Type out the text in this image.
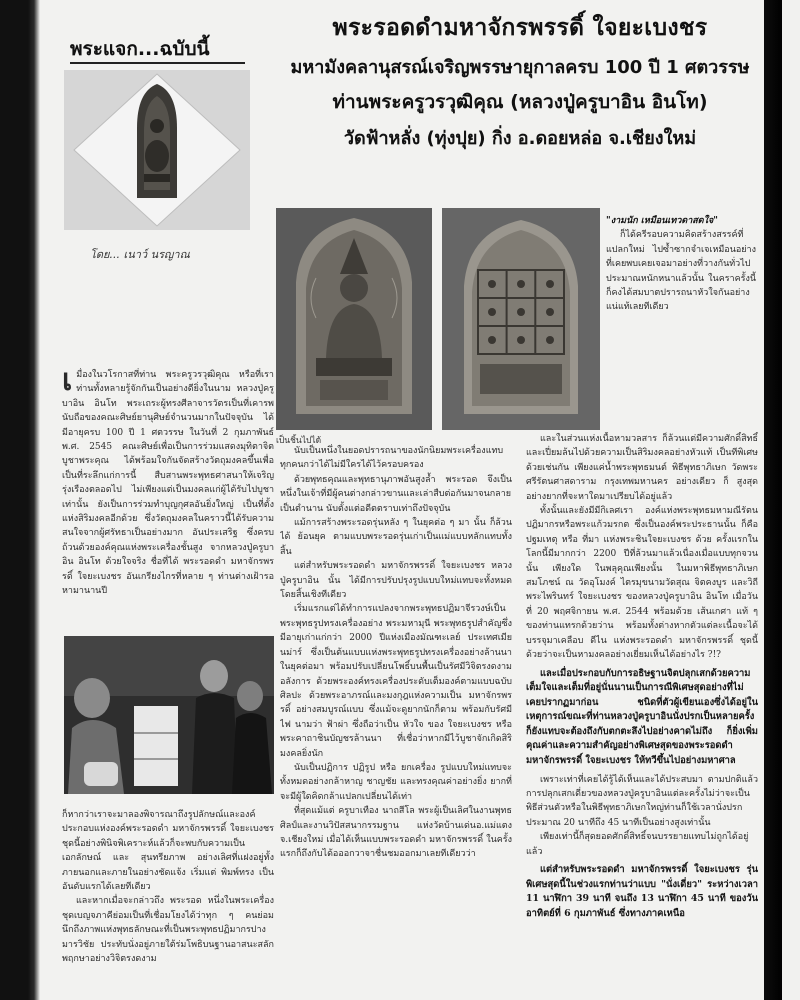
พระรอดดำมหาจักรพรรดิ์ ใจยะเบงชร
มหามังคลานุสรณ์เจริญพรรษายุกาลครบ 100 ปี 1 ศตวรรษ
ท่านพระครูวรวุฒิคุณ (หลวงปู่ครูบาอิน อินโท)
วัดฟ้าหลั่ง (ทุ่งปุย) กิ่ง อ.ดอยหล่อ จ.เชียงใหม่
พระแจก...ฉบับนี้
โดย... เนาว์ นรญาณ
เ มื่องในวโรกาสที่ท่าน พระครูวรวุฒิคุณ หรือที่เราท่านทั้งหลายรู้จักกันเป็นอย่างดียิ่งในนาม หลวงปู่ครูบาอิน อินโท พระเถระผู้ทรงศีลาจารวัตรเป็นที่เคารพนับถือของคณะศิษย์ยานุศิษย์จำนวนมากในปัจจุบัน ได้มีอายุครบ 100 ปี 1 ศตวรรษ ในวันที่ 2 กุมภาพันธ์ พ.ศ. 2545 คณะศิษย์เพื่อเป็นการร่วมแสดงมุทิตาจิตบูชาพระคุณ ได้พร้อมใจกันจัดสร้างวัตถุมงคลขึ้นเพื่อเป็นที่ระลึกแก่การนี้ สืบสานพระพุทธศาสนาให้เจริญรุ่งเรืองตลอดไป ไม่เพียงแต่เป็นมงคลแก่ผู้ได้รับไปบูชาเท่านั้น ยังเป็นการร่วมทำบุญกุศลอันยิ่งใหญ่ เป็นที่ตั้งแห่งสิริมงคลอีกด้วย ซึ่งวัตถุมงคลในคราวนี้ได้รับความสนใจจากผู้ศรัทธาเป็นอย่างมาก อันประเสริฐ ซึ่งครบถ้วนด้วยองค์คุณแห่งพระเครื่องชั้นสูง จากหลวงปู่ครูบาอิน อินโท ด้วยใจจริง ชื่อที่ได้ พระรอดดำ มหาจักรพรรดิ์ ใจยะเบงชร อันเกรียงไกรที่หลาย ๆ ท่านต่างเฝ้ารอหามานานปี
ก็หากว่าเราจะมาลองพิจารณาถึงรูปลักษณ์และองค์ประกอบแห่งองค์พระรอดดำ มหาจักรพรรดิ์ ใจยะเบงชร ชุดนี้อย่างพินิจพิเคราะห์แล้วก็จะพบกับความเป็น เอกลักษณ์ และ สุนทรียภาพ อย่างเลิศที่แฝงอยู่ทั้งภายนอกและภายในอย่างชัดแจ้ง เริ่มแต่ พิมพ์ทรง เป็นอันดับแรกได้เลยทีเดียว
และหากเมื่อจะกล่าวถึง พระรอด หนึ่งในพระเครื่องชุดเบญจภาคีย่อมเป็นที่เชื่อมโยงได้ว่าทุก ๆ คนย่อมนึกถึงภาพแห่งพุทธลักษณะที่เป็นพระพุทธปฏิมากรปางมารวิชัย ประทับนั่งอยู่ภายใต้ร่มโพธิบนฐานอาสนะสลักพฤกษาอย่างวิจิตรงดงาม
เป็นชิ้นไปได้
"งามนัก เหมือนเทวดาสดใจ"
ก็ได้ครีรอบความคิดสร้างสรรค์ที่แปลกใหม่ ไปซ้ำซากจำเจเหมือนอย่างที่เคยพบเคยเจอมาอย่างที่วางกันทั่วไป ประมาณหนักหนาแล้วนั้น ในคราครั้งนี้ก็คงได้สมบาตปรารถนาหัวใจกันอย่างแน่แท้เลยทีเดียว
นับเป็นหนึ่งในยอดปรารถนาของนักนิยมพระเครื่องแทบทุกคนกว่าได้ไม่มีใครได้ไว้ครอบครอง
ด้วยพุทธคุณและพุทธานุภาพอันสูงล้ำ พระรอด จึงเป็นหนึ่งในเจ้าที่มีผู้คนต่างกล่าวขานและเล่าสืบต่อกันมาจนกลายเป็นตำนาน นับตั้งแต่อดีตตราบเท่าถึงปัจจุบัน
แม้การสร้างพระรอดรุ่นหลัง ๆ ในยุคต่อ ๆ มา นั้น ก็ล้วนได้ ย้อนยุค ตามแบบพระรอดรุ่นเก่าเป็นแม่แบบหลักแทบทั้งสิ้น
แต่สำหรับพระรอดดำ มหาจักรพรรดิ์ ใจยะเบงชร หลวงปู่ครูบาอิน นั้น ได้มีการปรับปรุงรูปแบบใหม่แทบจะทั้งหมดโดยสิ้นเชิงทีเดียว
เริ่มแรกแต่ได้ทำการแปลงจากพระพุทธปฏิมาจีรวงษ์เป็นพระพุทธรูปทรงเครื่องอย่าง พระมหามุนี พระพุทธรูปสำคัญซึ่งมีอายุเก่าแก่กว่า 2000 ปีแห่งเมืองมัณฑะเลย์ ประเทศเมียนม่าร์ ซึ่งเป็นต้นแบบแห่งพระพุทธรูปทรงเครื่องอย่างล้านนาในยุคต่อมา พร้อมปรับเปลี่ยนโพธิ์บนพื้นเป็นรัศมีวิจิตรงดงามอลังการ ด้วยพระองค์ทรงเครื่องประดับเต็มองค์ตามแบบฉบับศิลปะ ด้วยพระอาภรณ์และมงกุฎแห่งความเป็น มหาจักรพรรดิ์ อย่างสมบูรณ์แบบ ซึ่งแม้จะดูยากนักก็ตาม พร้อมกับรัศมีไฟ นามว่า ฟ้าผ่า ซึ่งถือว่าเป็น หัวใจ ของ ใจยะเบงชร หรือพระคาถาชินบัญชรล้านนา ที่เชื่อว่าหากมีไว้บูชาจักเกิดสิริมงคลยิ่งนัก
นับเป็นปฏิการ ปฏิรูป หรือ ยกเครื่อง รูปแบบใหม่แทบจะทั้งหมดอย่างกล้าหาญ ชาญชัย และทรงคุณค่าอย่างยิ่ง ยากที่จะมีผู้ใดคิดกล้าแปลกเปลี่ยนได้เท่า
ที่สุดแม้แต่ ครูบาเทือง นาถสีโล พระผู้เป็นเลิศในงานพุทธศิลป์และงานวิปัสสนากรรมฐาน แห่งวัดบ้านเด่นอ.แม่แตง จ.เชียงใหม่ เมื่อได้เห็นแบบพระรอดดำ มหาจักรพรรดิ์ ในครั้งแรกก็ถึงกับได้อออกวาจาชื่นชมออกมาเลยทีเดียวว่า
และในส่วนแห่งเนื้อหามวลสาร ก็ล้วนแต่มีความศักดิ์สิทธิ์และเปี่ยมล้นไปด้วยความเป็นสิริมงคลอย่างหัวแท้ เป็นทีพิเศษด้วยเช่นกัน เพียงแค่น้ำพระพุทธมนต์ พิธีพุทธาภิเษก วัดพระศรีรัตนศาสดาราม กรุงเทพมหานคร อย่างเดียว ก็ สูงสุด อย่างยากที่จะหาใดมาเปรียบได้อยู่แล้ว
ทั้งนั้นและยังมีมีกิเลศเรา องค์แห่งพระพุทธมหามณีรัตนปฏิมากรหรือพระแก้วมรกต ซึ่งเป็นองค์พระประธานนั้น ก็คือ ปฐมเหตุ หรือ ที่มา แห่งพระชินใจยะเบงชร ด้วย ครั้งแรกในโลกนี้มีมากกว่า 2200 ปีที่ล้วนมาแล้วเนื่องเมื่อแบบทุกจวนนั้น เพียงใด ในพลุคุณเพียงนั้น ในมหาพิธีพุทธาภิเษกสมโภชน์ ณ วัดอุโมงค์ ไตรมุขนามวัดสุณ จิตคงบูร และวิถีพระไพรินทร์ ใจยะเบงชร ของหลวงปู่ครูบาอิน อินโท เมื่อวันที่ 20 พฤศจิกายน พ.ศ. 2544 พร้อมด้วย เส้นเกศา แท้ ๆ ของท่านแทรกด้วยว่าน พร้อมทั้งต่างหากตัวแต่ละเนื้อจะได้บรรจุมาเคลือบ ดีไน แห่งพระรอดดำ มหาจักรพรรดิ์ ชุดนี้ด้วยว่าจะเป็นหามงคลอย่างเยี่ยมเห็นได้อย่างไร ?!?
และเมื่อประกอบกับการอธิษฐานจิตปลุกเสกด้วยความเต็มใจและเต็มที่อยู่นั่นนานเป็นการณีพิเศษสุดอย่างที่ไม่เคยปรากฏมาก่อน ชนิดที่ตัวผู้เขียนเองซึ่งได้อยู่ในเหตุการณ์ขณะที่ท่านหลวงปู่ครูบาอินนั่งปรกเป็นหลายครั้ง ก็ยังแทบจะต้องถึงกับตกตะลึงไปอย่างคาดไม่ถึง ก็ยิ่งเพิ่มคุณค่าและความสำคัญอย่างพิเศษสุดของพระรอดดำ มหาจักรพรรดิ์ ใจยะเบงชร ให้ทวีขึ้นไปอย่างมหาศาล
เพราะเท่าที่เคยได้รู้ได้เห็นและได้ประสบมา ตามปกติแล้วการปลุกเสกเดี่ยวของหลวงปู่ครูบาอินแต่ละครั้งไม่ว่าจะเป็นพิธีส่วนตัวหรือในพิธีพุทธาภิเษกใหญ่ท่านก็ใช้เวลานั่งปรกประมาณ 20 นาทีถึง 45 นาทีเป็นอย่างสูงเท่านั้น
เพียงเท่านี้ก็สุดยอดศักดิ์สิทธิ์จนบรรยายแทบไม่ถูกได้อยู่แล้ว
แต่สำหรับพระรอดดำ มหาจักรพรรดิ์ ใจยะเบงชร รุ่นพิเศษสุดนี้ในช่วงแรกท่านว่าแบบ "นั่งเดี่ยว" ระหว่างเวลา 11 นาฬิกา 39 นาที จนถึง 13 นาฬิกา 45 นาที ของวันอาทิตย์ที่ 6 กุมภาพันธ์ ซึ่งทางภาคเหนือ
